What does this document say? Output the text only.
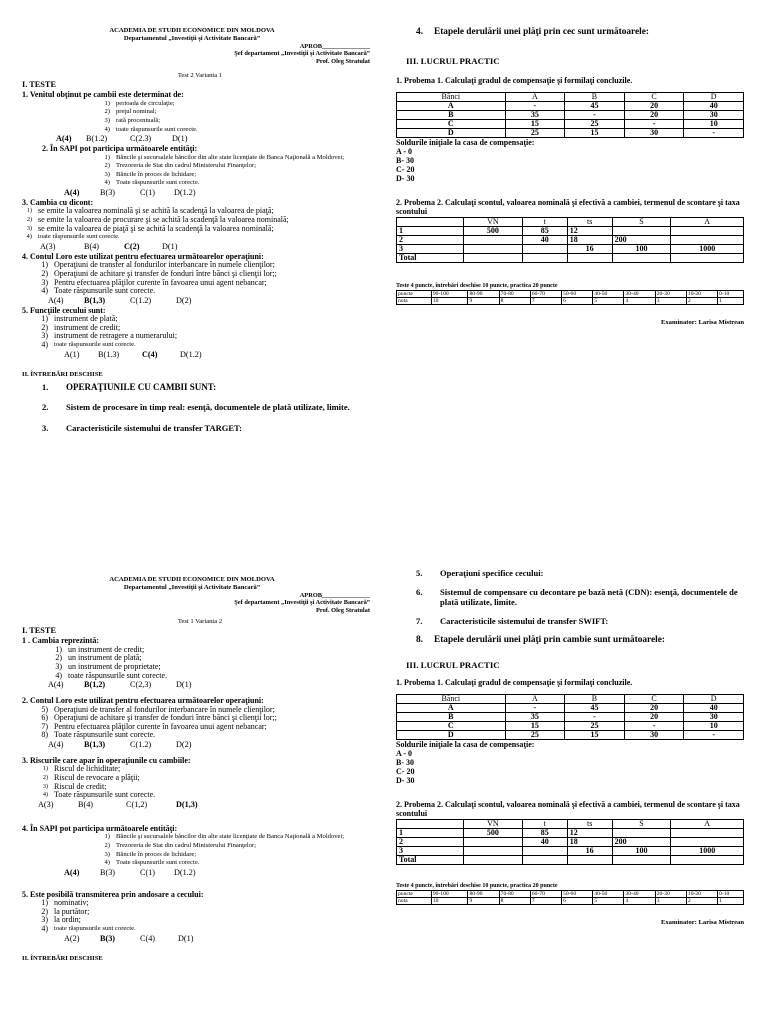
ACADEMIA DE STUDII ECONOMICE DIN MOLDOVA
Departamentul „Investiţii şi Activitate Bancară”
APROB_______________
Şef departament „Investiţii şi Activitate Bancară”
Prof. Oleg Stratulat
Test 2 Varianta 1
I. TESTE
1. Venitul obţinut pe cambii este determinat de:
1) perioada de circulaţie;
2) preţul nominal;
3) rată procentuală;
4) toate răspunsurile sunt corecte.
A(4)	B(1.2)	C(2.3)	D(1)
2. În SAPI pot participa următoarele entităţi:
1) Băncile şi sucursalele băncilor din alte state licenţiate de Banca Naţională a Moldovei;
2) Trezoreria de Stat din cadrul Ministerului Finanţelor;
3) Băncile în proces de lichidare;
4) Toate răspunsurile sunt corecte.
A(4)	B(3)	C(1)	D(1.2)
3. Cambia cu dicont:
1) se emite la valoarea nominală şi se achită la scadenţă la valoarea de piaţă;
2) se emite la valoarea de procurare şi se achită la scadenţă la valoarea nominală;
3) se emite la valoarea de piaţă şi se achită la scadenţă la valoarea nominală;
4) toate răspunsurile sunt corecte.
A(3)	B(4)	C(2)	D(1)
4. Contul Loro este utilizat pentru efectuarea următoarelor operaţiuni:
1) Operaţiuni de transfer al fondurilor interbancare în numele clienţilor;
2) Operaţiuni de achitare şi transfer de fonduri între bănci şi clienţii lor;;
3) Pentru efectuarea plăţilor curente în favoarea unui agent nebancar;
4) Toate răspunsurile sunt corecte.
A(4)	B(1,3)	C(1.2)	D(2)
5. Funcţiile cecului sunt:
1) instrument de plată;
2) instrument de credit;
3) instrument de retragere a numerarului;
4) toate răspunsurile sunt corecte.
A(1)	B(1.3)	C(4)	D(1.2)
II. ÎNTREBĂRI DESCHISE
1.	OPERAŢIUNILE CU CAMBII SUNT:
2.	Sistem de procesare în timp real: esenţă, documentele de plată utilizate, limite.
3.	Caracteristicile sistemului de transfer TARGET:
4.	Etapele derulării unei plăţi prin cec sunt următoarele:
III. LUCRUL PRACTIC
1. Probema 1. Calculaţi gradul de compensaţie şi formilaţi concluzile.
Bănci	A	B	C	D
A	-	45	20	40
B	35	-	20	30
C	15	25	-	10
D	25	15	30	-
Soldurile iniţiale la casa de compensaţie:
A - 0
B- 30
C- 20
D- 30
2. Probema 2. Calculaţi scontul, valoarea nominală şi efectivă a cambiei, termenul de scontare şi taxa scontului
	VN	t	ts	S	A
1	500	85	12		
2		40	18	200	
3			16	100	1000
Total					
Teste 4 puncte, întrebări deschise 10 puncte, practica 20 puncte
puncte	90-100	80-90	70-80	60-70	50-60	40-50	30-40	20-30	10-20	0-10
nota	10	9	8	7	6	5	4	3	2	1
Examinator: Larisa Mistrean
ACADEMIA DE STUDII ECONOMICE DIN MOLDOVA
Departamentul „Investiţii şi Activitate Bancară”
APROB_______________
Şef departament „Investiţii şi Activitate Bancară”
Prof. Oleg Stratulat
Test 1 Varianta 2
I. TESTE
1 . Cambia reprezintă:
1) un instrument de credit;
2) un instrument de plată;
3) un instrument de proprietate;
4) toate răspunsurile sunt corecte.
A(4)	B(1,2)	C(2,3)	D(1)
2. Contul Loro este utilizat pentru efectuarea următoarelor operaţiuni:
5) Operaţiuni de transfer al fondurilor interbancare în numele clienţilor;
6) Operaţiuni de achitare şi transfer de fonduri între bănci şi clienţii lor;;
7) Pentru efectuarea plăţilor curente în favoarea unui agent nebancar;
8) Toate răspunsurile sunt corecte.
A(4)	B(1,3)	C(1.2)	D(2)
3. Riscurile care apar în operaţiunile cu cambiile:
1) Riscul de lichiditate;
2) Riscul de revocare a plăţii;
3) Riscul de credit;
4) Toate răspunsurile sunt corecte.
A(3)	B(4)	C(1,2)	D(1,3)
4. În SAPI pot participa următoarele entităţi:
1) Băncile şi sucursalele băncilor din alte state licenţiate de Banca Naţională a Moldovei;
2) Trezoreria de Stat din cadrul Ministerului Finanţelor;
3) Băncile în proces de lichidare;
4) Toate răspunsurile sunt corecte.
A(4)	B(3)	C(1)	D(1.2)
5. Este posibilă transmiterea prin andosare a cecului:
1) nominativ;
2) la purtător;
3) la ordin;
4) toate răspunsurile sunt corecte.
A(2)	B(3)	C(4)	D(1)
II. ÎNTREBĂRI DESCHISE
5.	Operaţiuni specifice cecului:
6.	Sistemul de compensare cu decontare pe bază netă (CDN): esenţă, documentele de plată utilizate, limite.
7.	Caracteristicile sistemului de transfer SWIFT:
8.	Etapele derulării unei plăţi prin cambie sunt următoarele:
III. LUCRUL PRACTIC
1. Probema 1. Calculaţi gradul de compensaţie şi formilaţi concluzile.
Bănci	A	B	C	D
A	-	45	20	40
B	35	-	20	30
C	15	25	-	10
D	25	15	30	-
Soldurile iniţiale la casa de compensaţie:
A - 0
B- 30
C- 20
D- 30
2. Probema 2. Calculaţi scontul, valoarea nominală şi efectivă a cambiei, termenul de scontare şi taxa scontului
	VN	t	ts	S	A
1	500	85	12		
2		40	18	200	
3			16	100	1000
Total					
Teste 4 puncte, întrebări deschise 10 puncte, practica 20 puncte
puncte	90-100	80-90	70-80	60-70	50-60	40-50	30-40	20-30	10-20	0-10
nota	10	9	8	7	6	5	4	3	2	1
Examinator: Larisa Mistrean
